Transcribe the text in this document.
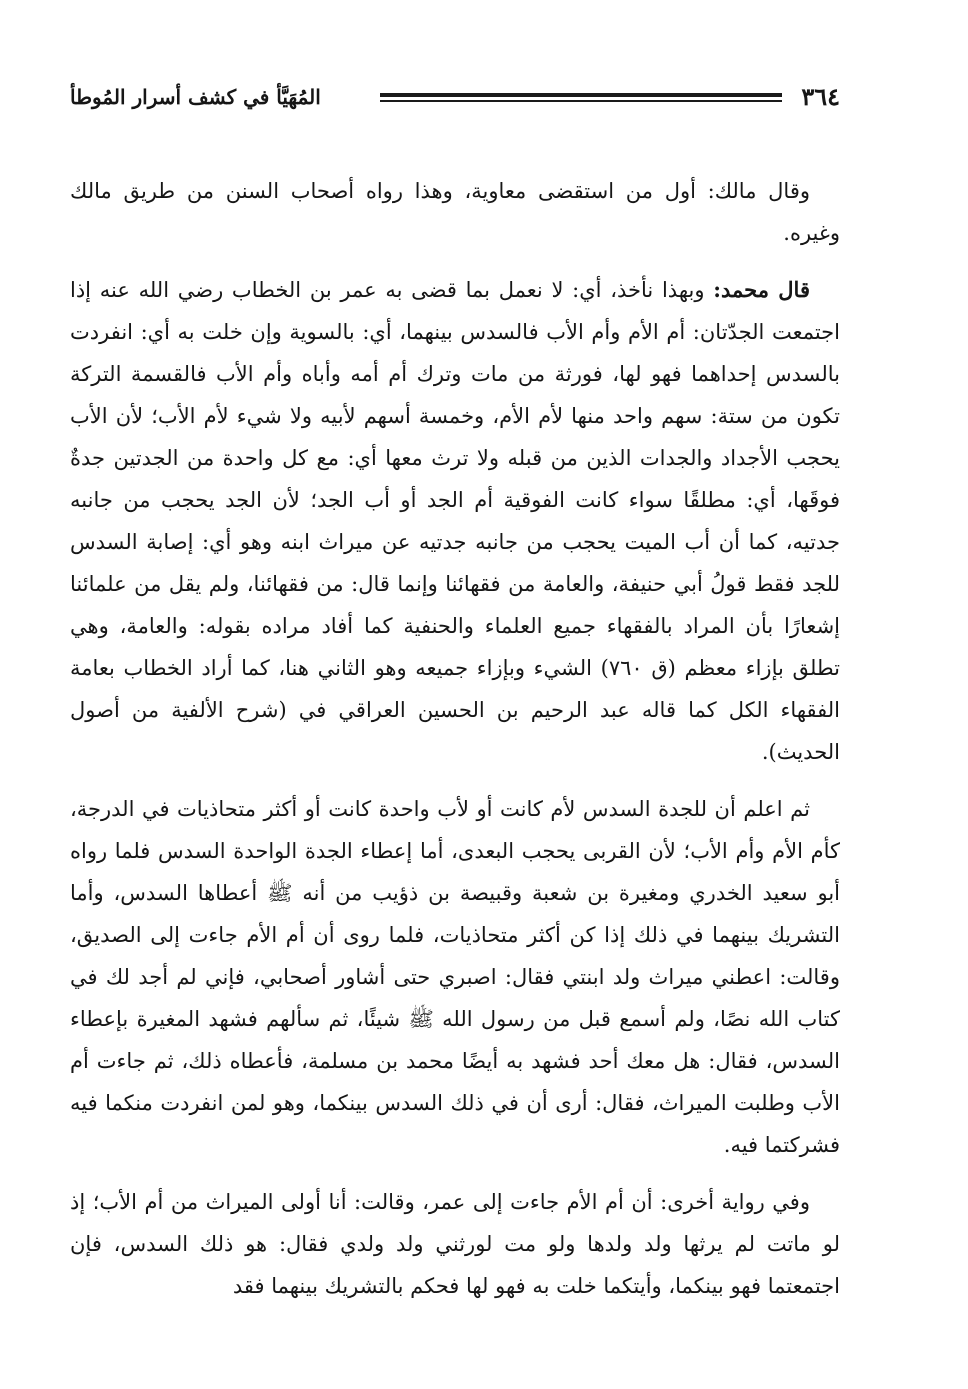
٣٦٤
المُهَيَّأ في كشف أسرار المُوطأ

وقال مالك: أول من استقضى معاوية، وهذا رواه أصحاب السنن من طريق مالك وغيره.

قال محمد: وبهذا نأخذ، أي: لا نعمل بما قضى به عمر بن الخطاب رضي الله عنه إذا اجتمعت الجدّتان: أم الأم وأم الأب فالسدس بينهما، أي: بالسوية وإن خلت به أي: انفردت بالسدس إحداهما فهو لها، فورثة من مات وترك أم أمه وأباه وأم الأب فالقسمة التركة تكون من ستة: سهم واحد منها لأم الأم، وخمسة أسهم لأبيه ولا شيء لأم الأب؛ لأن الأب يحجب الأجداد والجدات الذين من قبله ولا ترث معها أي: مع كل واحدة من الجدتين جدةٌ فوقَها، أي: مطلقًا سواء كانت الفوقية أم الجد أو أب الجد؛ لأن الجد يحجب من جانبه جدتيه، كما أن أب الميت يحجب من جانبه جدتيه عن ميراث ابنه وهو أي: إصابة السدس للجد فقط قولُ أبي حنيفة، والعامة من فقهائنا وإنما قال: من فقهائنا، ولم يقل من علمائنا إشعارًا بأن المراد بالفقهاء جميع العلماء والحنفية كما أفاد مراده بقوله: والعامة، وهي تطلق بإزاء معظم (ق ٧٦٠) الشيء وبإزاء جميعه وهو الثاني هنا، كما أراد الخطاب بعامة الفقهاء الكل كما قاله عبد الرحيم بن الحسين العراقي في (شرح الألفية من أصول الحديث).

ثم اعلم أن للجدة السدس لأم كانت أو لأب واحدة كانت أو أكثر متحاذيات في الدرجة، كأم الأم وأم الأب؛ لأن القربى يحجب البعدى، أما إعطاء الجدة الواحدة السدس فلما رواه أبو سعيد الخدري ومغيرة بن شعبة وقبيصة بن ذؤيب من أنه ﷺ أعطاها السدس، وأما التشريك بينهما في ذلك إذا كن أكثر متحاذيات، فلما روى أن أم الأم جاءت إلى الصديق، وقالت: اعطني ميراث ولد ابنتي فقال: اصبري حتى أشاور أصحابي، فإني لم أجد لك في كتاب الله نصًا، ولم أسمع قبل من رسول الله ﷺ شيئًا، ثم سألهم فشهد المغيرة بإعطاء السدس، فقال: هل معك أحد فشهد به أيضًا محمد بن مسلمة، فأعطاه ذلك، ثم جاءت أم الأب وطلبت الميراث، فقال: أرى أن في ذلك السدس بينكما، وهو لمن انفردت منكما فيه فشركتما فيه.

وفي رواية أخرى: أن أم الأم جاءت إلى عمر، وقالت: أنا أولى الميراث من أم الأب؛ إذ لو ماتت لم يرثها ولد ولدها ولو مت لورثني ولد ولدي فقال: هو ذلك السدس، فإن اجتمعتما فهو بينكما، وأيتكما خلت به فهو لها فحكم بالتشريك بينهما فقد
